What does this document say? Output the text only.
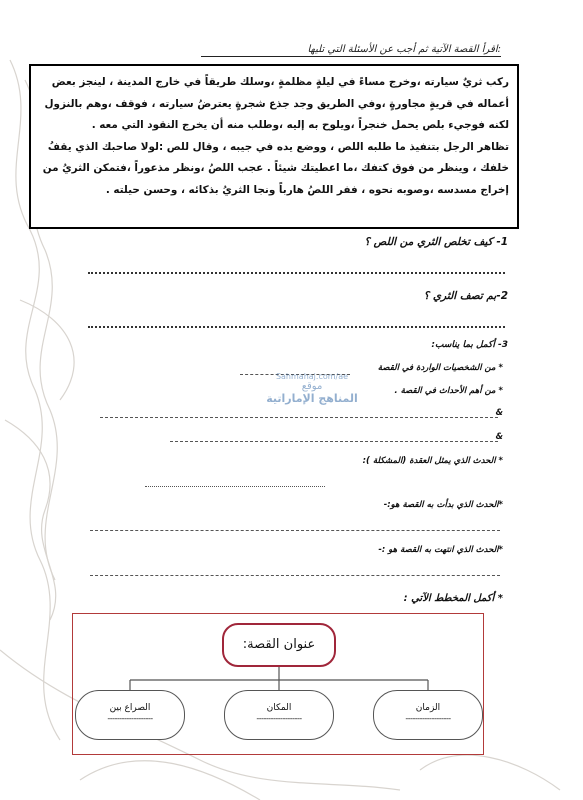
اقرأ القصة الآتية ثم أجب عن الأسئلة التي تليها:
ركب ثريٌ سيارته ،وخرج مساءً في ليلةٍ مظلمةٍ ،وسلك طريقاً في خارج المدينة ، لينجز بعض
أعماله في قريةٍ مجاورةٍ ،وفي الطريق وجد جذع شجرةٍ يعترضُ سيارته ، فوقف ،وهم بالنزول
لكنه فوجيء بلص يحمل خنجراً ،ويلوح به إليه ،وطلب منه أن يخرج النقود التي معه .
تظاهر الرجل بتنفيذ ما طلبه اللص ، ووضع يده في جيبه ، وقال للص :لولا صاحبك الذي يقفُ
خلفك ، وينظر من فوق كتفك ،ما اعطيتك شيئاً . عجب اللصُ ،ونظر مذعوراً ،فتمكن الثريُ من
إخراج مسدسه ،وصوبه نحوه ، ففر اللصُ هارباً ونجا الثريُ بذكائه ، وحسن حيلته .
1- كيف تخلص الثري من اللص ؟
2-بم تصف الثري ؟
3- أكمل بما يناسب:
* من الشخصيات الواردة في القصة
* من أهم الأحداث في القصة .
&
&
* الحدث الذي يمثل العقدة (المشكلة ):
*الحدث الذي بدأت به القصة هو:-
*الحدث الذي انتهت به القصة هو :-
* أكمل المخطط الآتي :
Sahmahaj.com/ae
موقع
المناهج الإماراتية
عنوان القصة:
الزمان
-------------------
المكان
-------------------
الصراع بين
-------------------
